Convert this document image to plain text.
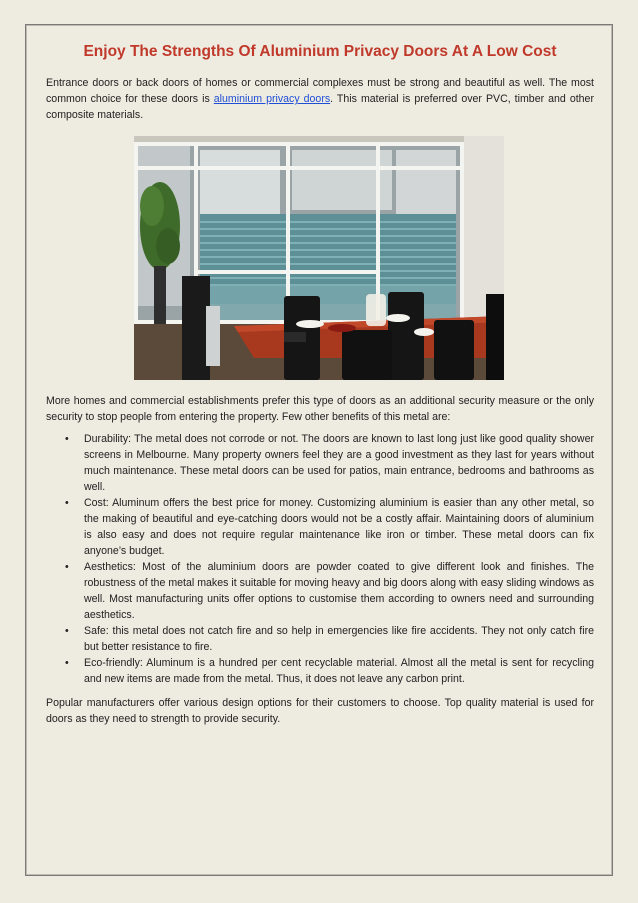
Enjoy The Strengths Of Aluminium Privacy Doors At A Low Cost

Entrance doors or back doors of homes or commercial complexes must be strong and beautiful as well. The most common choice for these doors is aluminium privacy doors. This material is preferred over PVC, timber and other composite materials.

More homes and commercial establishments prefer this type of doors as an additional security measure or the only security to stop people from entering the property. Few other benefits of this metal are:

• Durability: The metal does not corrode or not. The doors are known to last long just like good quality shower screens in Melbourne. Many property owners feel they are a good investment as they last for years without much maintenance. These metal doors can be used for patios, main entrance, bedrooms and bathrooms as well.
• Cost: Aluminum offers the best price for money. Customizing aluminium is easier than any other metal, so the making of beautiful and eye-catching doors would not be a costly affair. Maintaining doors of aluminium is also easy and does not require regular maintenance like iron or timber. These metal doors can fix anyone’s budget.
• Aesthetics: Most of the aluminium doors are powder coated to give different look and finishes. The robustness of the metal makes it suitable for moving heavy and big doors along with easy sliding windows as well. Most manufacturing units offer options to customise them according to owners need and surrounding aesthetics.
• Safe: this metal does not catch fire and so help in emergencies like fire accidents. They not only catch fire but better resistance to fire.
• Eco-friendly: Aluminum is a hundred per cent recyclable material. Almost all the metal is sent for recycling and new items are made from the metal. Thus, it does not leave any carbon print.

Popular manufacturers offer various design options for their customers to choose. Top quality material is used for doors as they need to strength to provide security.
